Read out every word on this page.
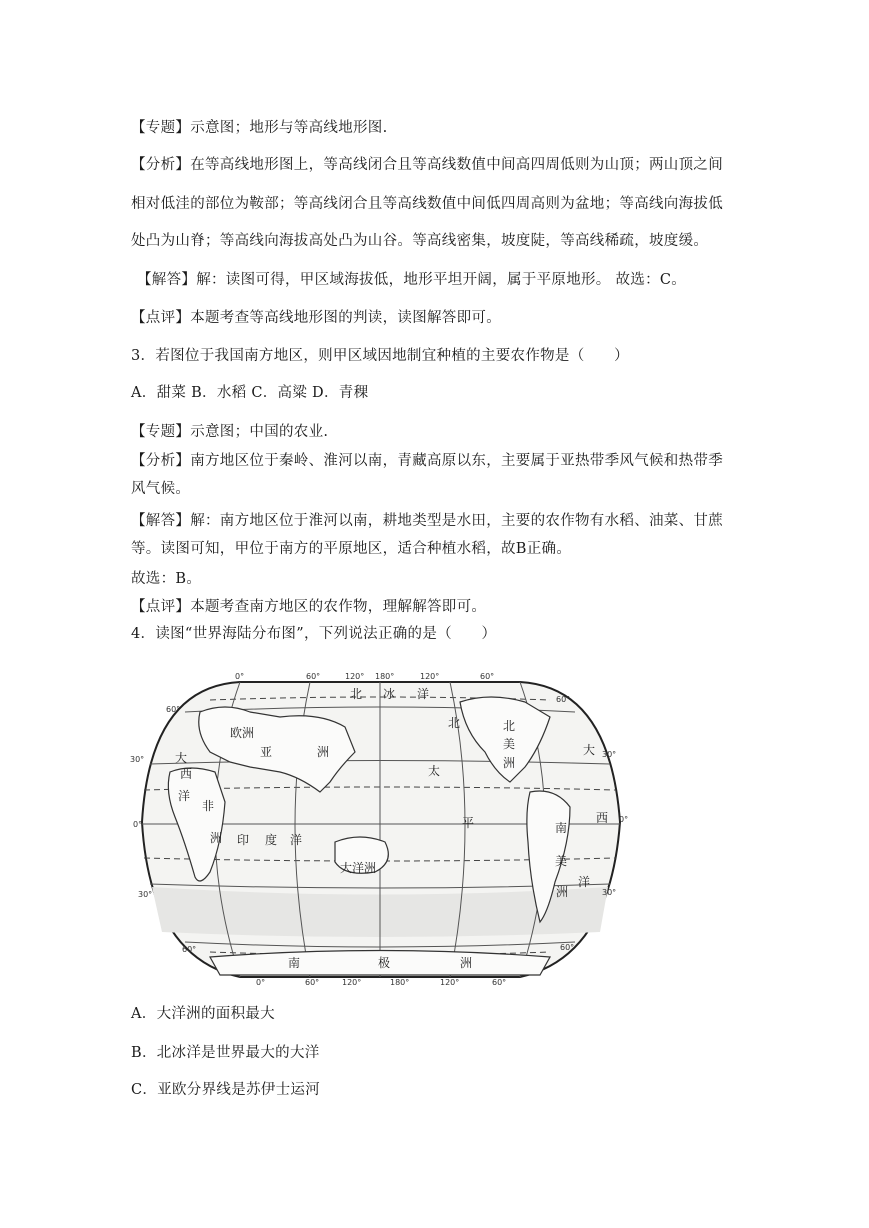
【专题】示意图；地形与等高线地形图.
【分析】在等高线地形图上，等高线闭合且等高线数值中间高四周低则为山顶；两山顶之间
相对低洼的部位为鞍部；等高线闭合且等高线数值中间低四周高则为盆地；等高线向海拔低
处凸为山脊；等高线向海拔高处凸为山谷。等高线密集，坡度陡，等高线稀疏，坡度缓。
【解答】解：读图可得，甲区域海拔低，地形平坦开阔，属于平原地形。 故选：C。
【点评】本题考查等高线地形图的判读，读图解答即可。
3．若图位于我国南方地区，则甲区域因地制宜种植的主要农作物是（　　）
A．甜菜 B．水稻 C．高粱 D．青稞
【专题】示意图；中国的农业.
【分析】南方地区位于秦岭、淮河以南，青藏高原以东，主要属于亚热带季风气候和热带季
风气候。
【解答】解：南方地区位于淮河以南，耕地类型是水田，主要的农作物有水稻、油菜、甘蔗
等。读图可知，甲位于南方的平原地区，适合种植水稻，故B正确。
故选：B。
【点评】本题考查南方地区的农作物，理解解答即可。
4．读图“世界海陆分布图”，下列说法正确的是（　　）
0°	60°	120° 180°	120°	60°
0°	60°	120°	180°	120°	60°
60°
30°
0°
30°
60°
60°
30°
0°
30°
60°
北 冰 洋
欧洲
亚	洲
大
西
洋
非
洲 印 度 洋
大洋洲
北
太
平
北
美
洲
大
西
洋
南
美
洲
南	极	洲
A．大洋洲的面积最大
B．北冰洋是世界最大的大洋
C．亚欧分界线是苏伊士运河
